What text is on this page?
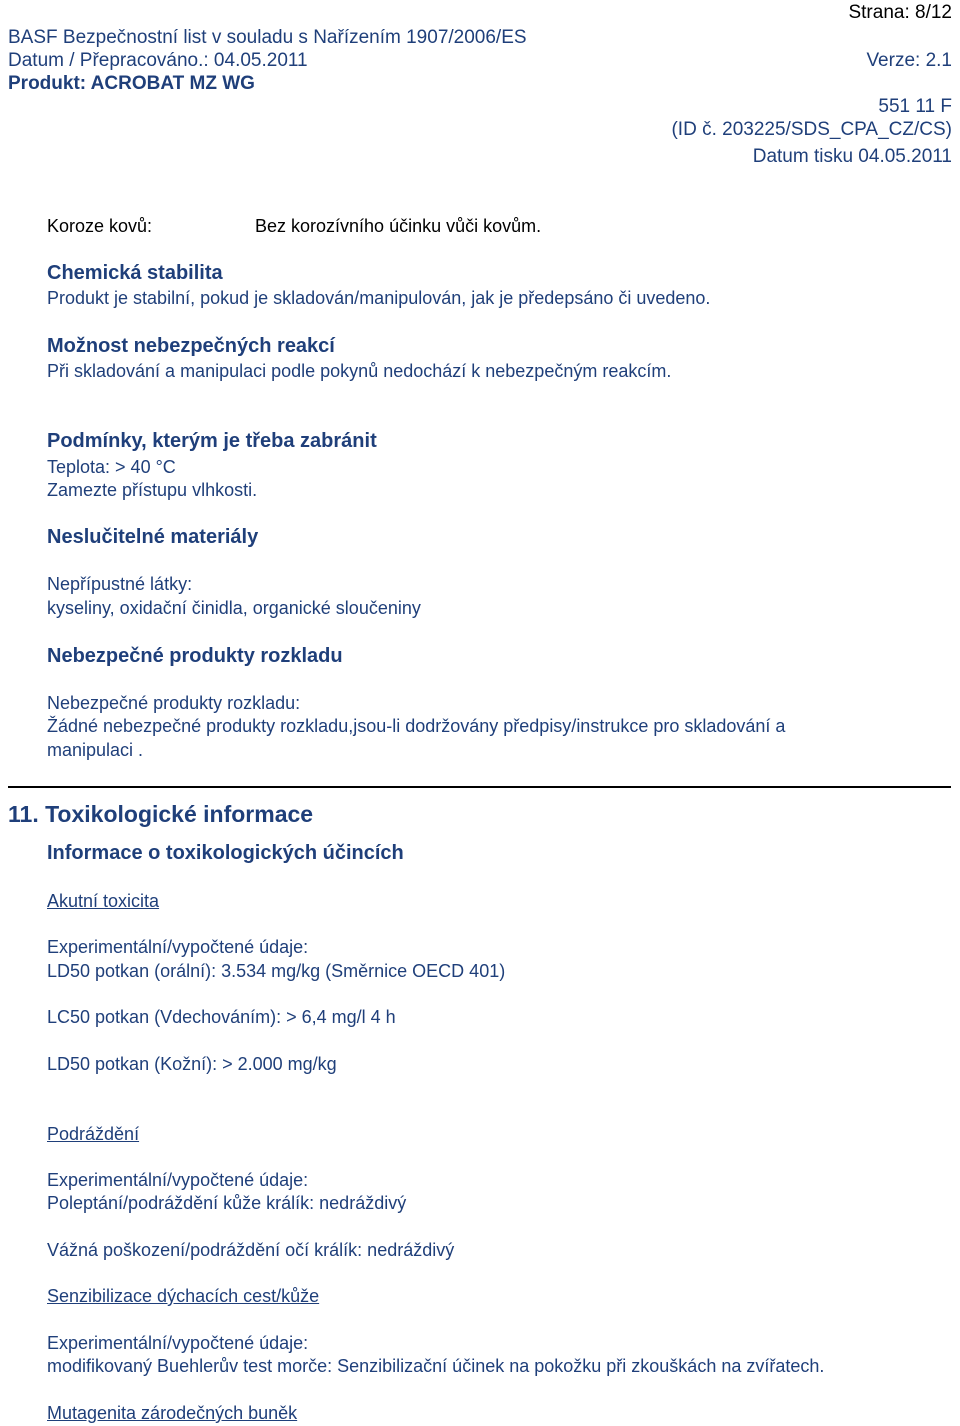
Strana: 8/12
BASF Bezpečnostní list v souladu s Nařízením 1907/2006/ES
Datum / Přepracováno.: 04.05.2011	Verze: 2.1
Produkt: ACROBAT MZ WG
551 11 F
(ID č. 203225/SDS_CPA_CZ/CS)
Datum tisku 04.05.2011
Koroze kovů:	Bez korozívního účinku vůči kovům.
Chemická stabilita
Produkt je stabilní, pokud je skladován/manipulován, jak je předepsáno či uvedeno.
Možnost nebezpečných reakcí
Při skladování a manipulaci podle pokynů nedochází k nebezpečným reakcím.
Podmínky, kterým je třeba zabránit
Teplota: > 40 °C
Zamezte přístupu vlhkosti.
Neslučitelné materiály
Nepřípustné látky:
kyseliny, oxidační činidla, organické sloučeniny
Nebezpečné produkty rozkladu
Nebezpečné produkty rozkladu:
Žádné nebezpečné produkty rozkladu,jsou-li dodržovány předpisy/instrukce pro skladování a
manipulaci .
11. Toxikologické informace
Informace o toxikologických účincích
Akutní toxicita
Experimentální/vypočtené údaje:
LD50 potkan (orální): 3.534 mg/kg (Směrnice OECD 401)
LC50 potkan (Vdechováním): > 6,4 mg/l 4 h
LD50 potkan (Kožní): > 2.000 mg/kg
Podráždění
Experimentální/vypočtené údaje:
Poleptání/podráždění kůže králík: nedráždivý
Vážná poškození/podráždění očí králík: nedráždivý
Senzibilizace dýchacích cest/kůže
Experimentální/vypočtené údaje:
modifikovaný Buehlerův test morče: Senzibilizační účinek na pokožku při zkouškách na zvířatech.
Mutagenita zárodečných buněk
